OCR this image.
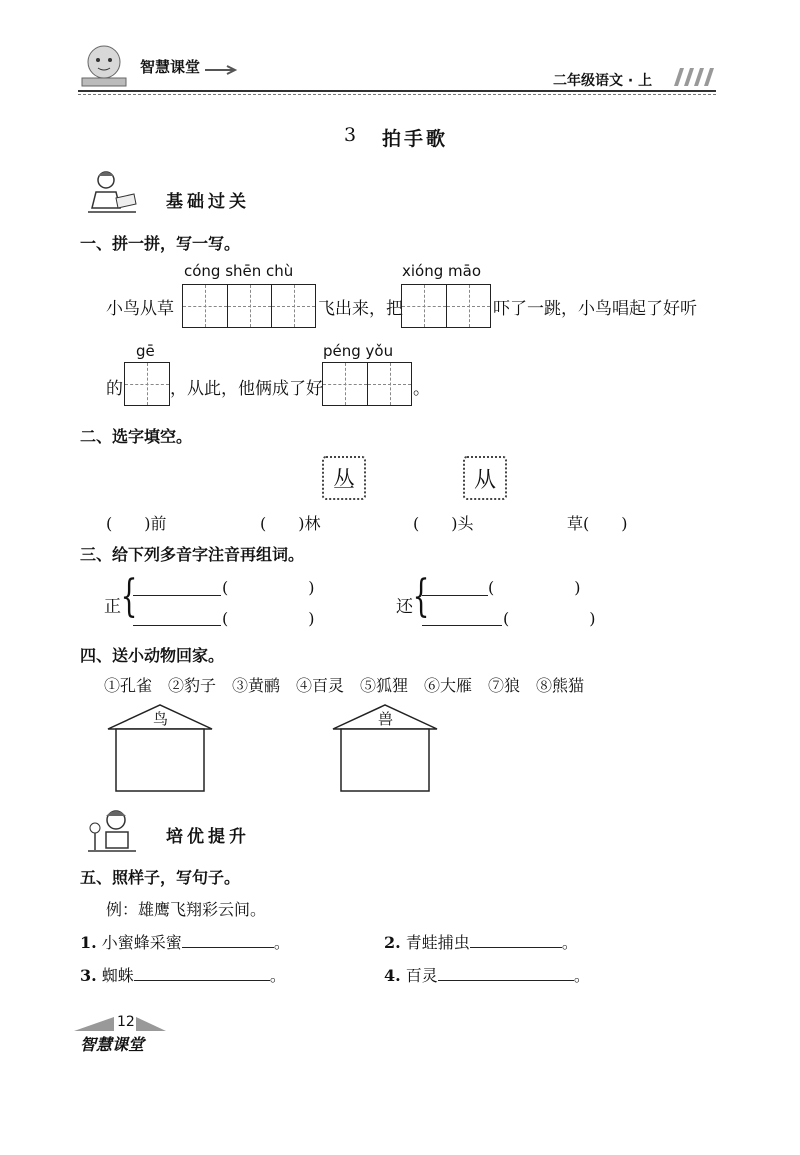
智慧课堂
二年级语文 · 上
3 拍手歌
基础过关
一、拼一拼，写一写。
cóng shēn chù	xióng māo
小鸟从草	飞出来，把	吓了一跳，小鸟唱起了好听
gē	péng yǒu
的	，从此，他俩成了好	。
二、选字填空。
丛	从
(　　)前	(　　)林	(　　)头	草(　　)
三、给下列多音字注音再组词。
正 {	(　　　　　)
(　　　　　)
还 {	(　　　　　)
(　　　　　)
四、送小动物回家。
①孔雀　②豹子　③黄鹂　④百灵　⑤狐狸　⑥大雁　⑦狼　⑧熊猫
鸟	兽
培优提升
五、照样子，写句子。
例：雄鹰飞翔彩云间。
1. 小蜜蜂采蜜	。	2. 青蛙捕虫	。
3. 蜘蛛	。	4. 百灵	。
12
智慧课堂
